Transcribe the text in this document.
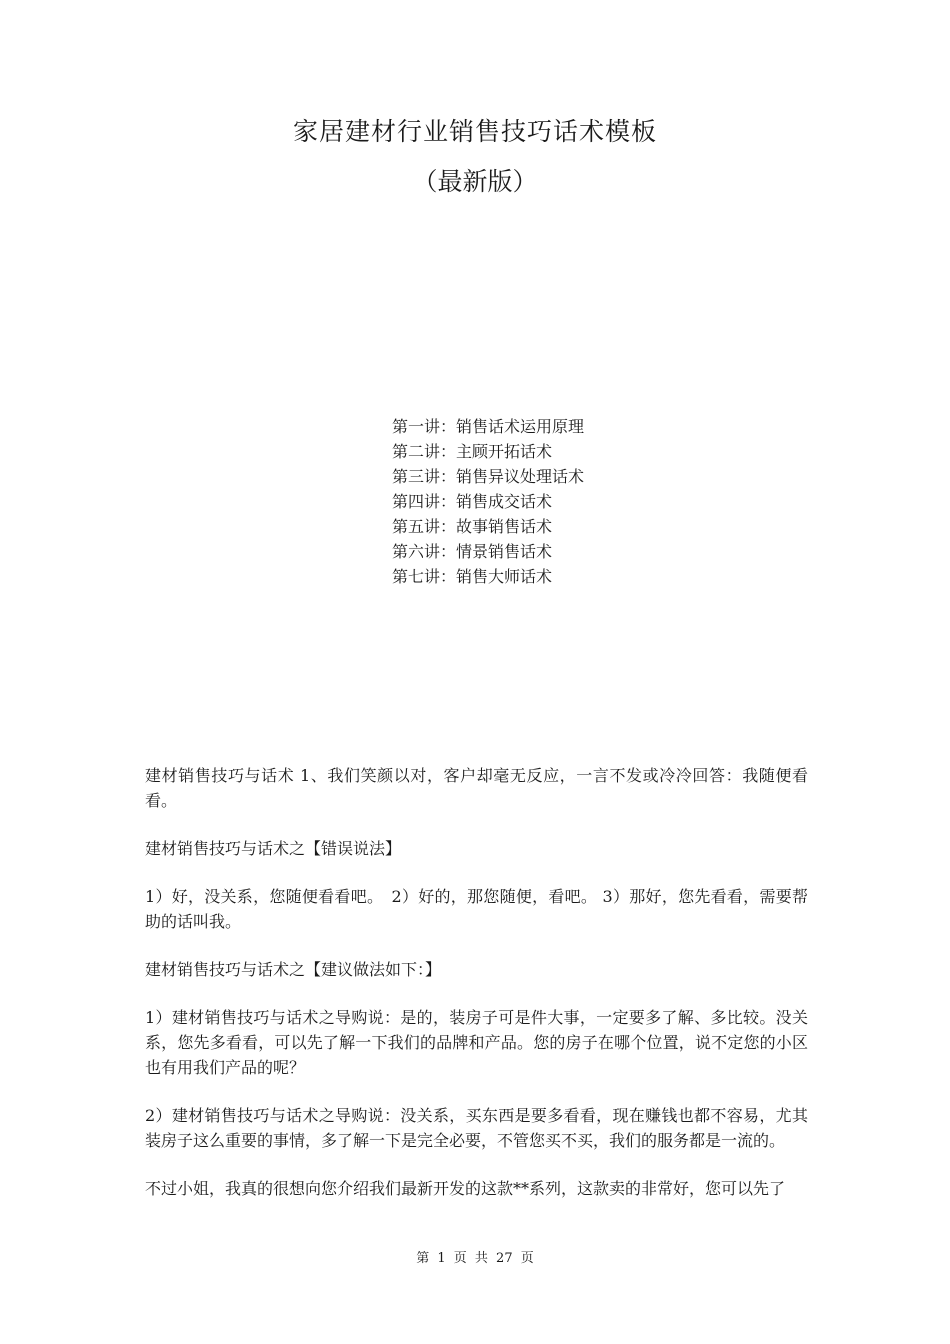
家居建材行业销售技巧话术模板
（最新版）
第一讲：销售话术运用原理
第二讲：主顾开拓话术
第三讲：销售异议处理话术
第四讲：销售成交话术
第五讲：故事销售话术
第六讲：情景销售话术
第七讲：销售大师话术

建材销售技巧与话术 1、我们笑颜以对，客户却毫无反应，一言不发或冷冷回答：我随便看看。

建材销售技巧与话术之【错误说法】

1）好，没关系，您随便看看吧。　2）好的，那您随便，看吧。 3）那好，您先看看，需要帮助的话叫我。

建材销售技巧与话术之【建议做法如下：】

1）建材销售技巧与话术之导购说：是的，装房子可是件大事，一定要多了解、多比较。没关系，您先多看看，可以先了解一下我们的品牌和产品。您的房子在哪个位置，说不定您的小区也有用我们产品的呢？

2）建材销售技巧与话术之导购说：没关系，买东西是要多看看，现在赚钱也都不容易，尤其装房子这么重要的事情，多了解一下是完全必要，不管您买不买，我们的服务都是一流的。

不过小姐，我真的很想向您介绍我们最新开发的这款**系列，这款卖的非常好，您可以先了

第 1 页 共 27 页
